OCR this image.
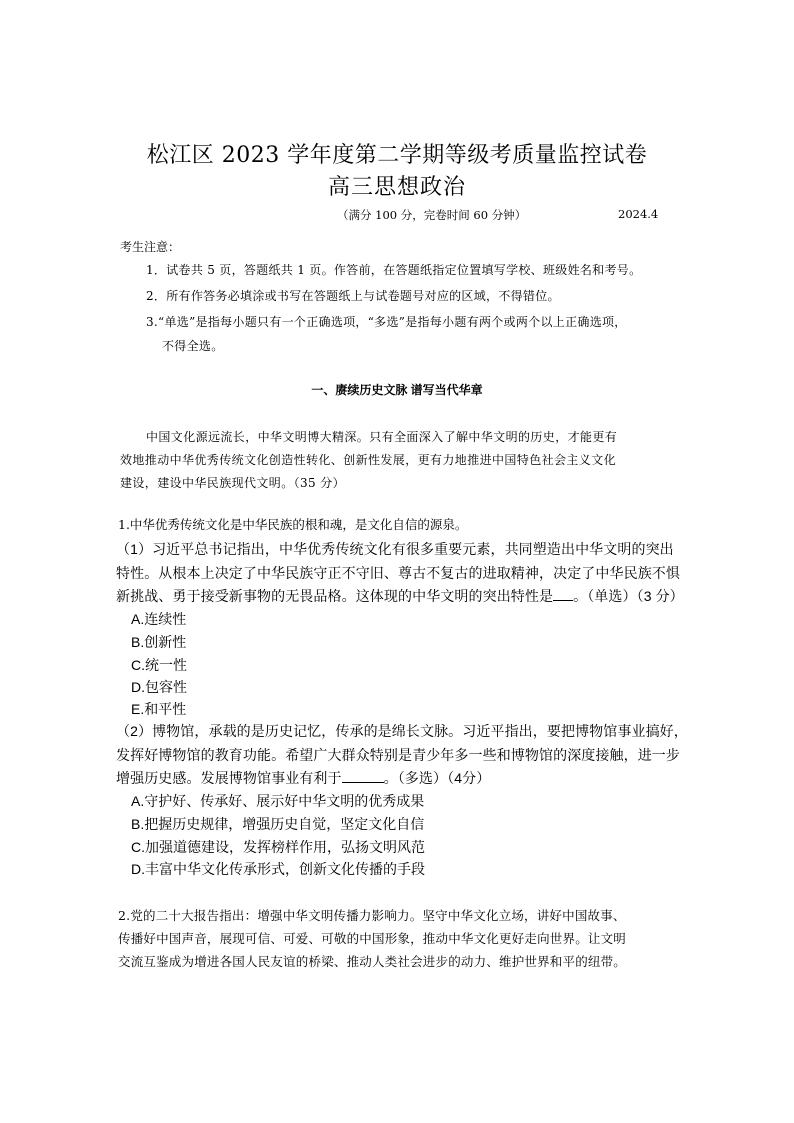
松江区 2023 学年度第二学期等级考质量监控试卷
高三思想政治
（满分 100 分，完卷时间 60 分钟）	2024.4
考生注意：
1．试卷共 5 页，答题纸共 1 页。作答前，在答题纸指定位置填写学校、班级姓名和考号。
2．所有作答务必填涂或书写在答题纸上与试卷题号对应的区域，不得错位。
3.“单选”是指每小题只有一个正确选项，“多选”是指每小题有两个或两个以上正确选项，
不得全选。
一、赓续历史文脉 谱写当代华章
中国文化源远流长，中华文明博大精深。只有全面深入了解中华文明的历史，才能更有
效地推动中华优秀传统文化创造性转化、创新性发展，更有力地推进中国特色社会主义文化
建设，建设中华民族现代文明。（35 分）
1.中华优秀传统文化是中华民族的根和魂，是文化自信的源泉。
（1）习近平总书记指出，中华优秀传统文化有很多重要元素，共同塑造出中华文明的突出
特性。从根本上决定了中华民族守正不守旧、尊古不复古的进取精神，决定了中华民族不惧
新挑战、勇于接受新事物的无畏品格。这体现的中华文明的突出特性是 。（单选）（3 分）
A.连续性
B.创新性
C.统一性
D.包容性
E.和平性
（2）博物馆，承载的是历史记忆，传承的是绵长文脉。习近平指出，要把博物馆事业搞好，
发挥好博物馆的教育功能。希望广大群众特别是青少年多一些和博物馆的深度接触，进一步
增强历史感。发展博物馆事业有利于	。（多选）（4分）
A.守护好、传承好、展示好中华文明的优秀成果
B.把握历史规律，增强历史自觉，坚定文化自信
C.加强道德建设，发挥榜样作用，弘扬文明风范
D.丰富中华文化传承形式，创新文化传播的手段
2.党的二十大报告指出：增强中华文明传播力影响力。坚守中华文化立场，讲好中国故事、
传播好中国声音，展现可信、可爱、可敬的中国形象，推动中华文化更好走向世界。让文明
交流互鉴成为增进各国人民友谊的桥梁、推动人类社会进步的动力、维护世界和平的纽带。
